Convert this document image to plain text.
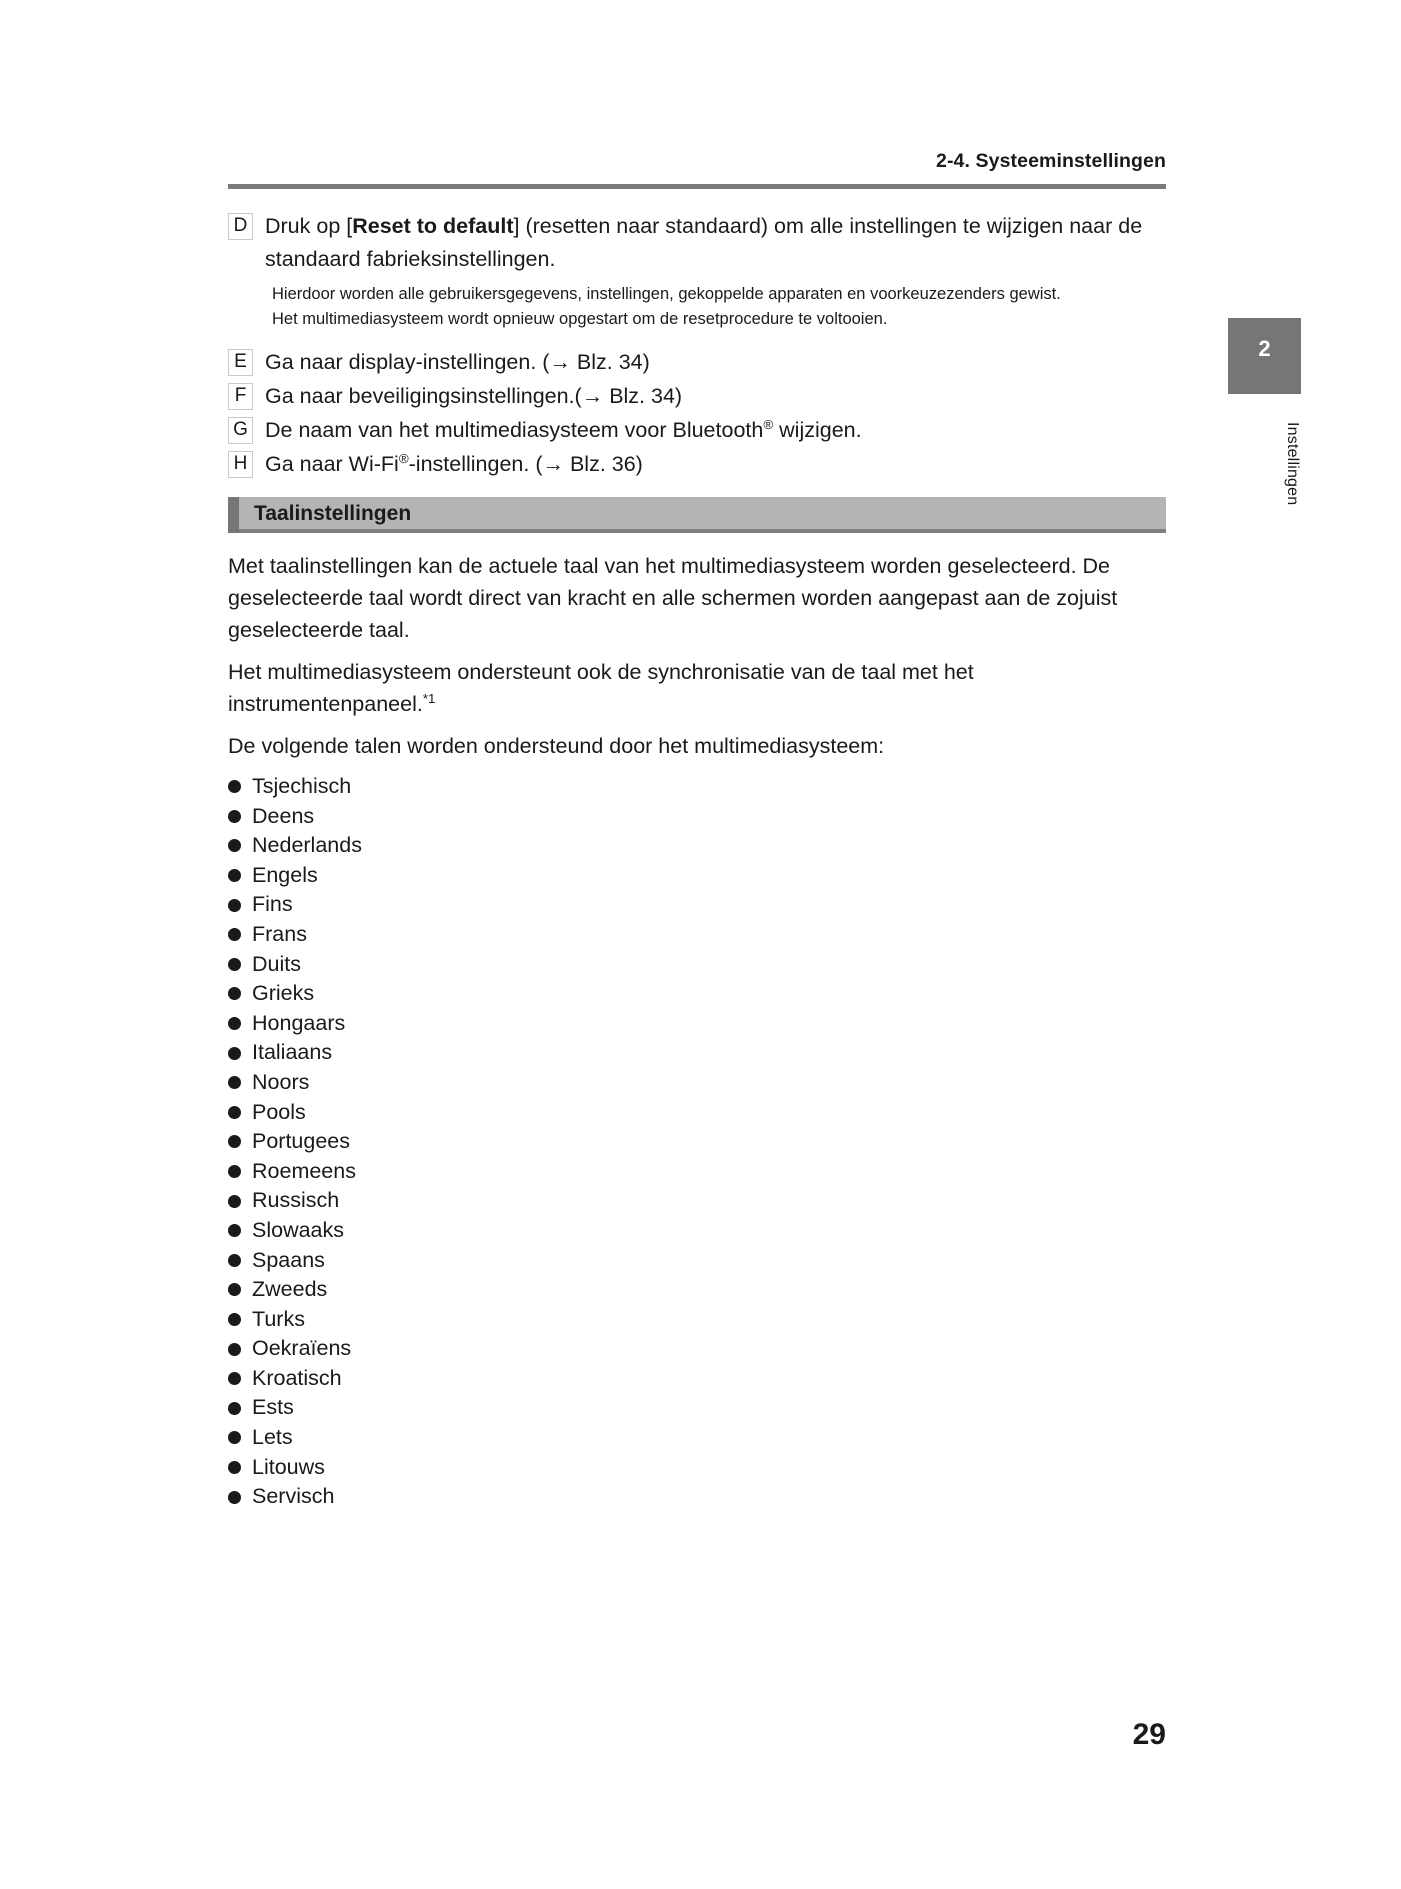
2-4. Systeeminstellingen
2
Instellingen
D Druk op [Reset to default] (resetten naar standaard) om alle instellingen te wijzigen naar de standaard fabrieksinstellingen.
Hierdoor worden alle gebruikersgegevens, instellingen, gekoppelde apparaten en voorkeuzezenders gewist. Het multimediasysteem wordt opnieuw opgestart om de resetprocedure te voltooien.
E Ga naar display-instellingen. (→ Blz. 34)
F Ga naar beveiligingsinstellingen.(→ Blz. 34)
G De naam van het multimediasysteem voor Bluetooth® wijzigen.
H Ga naar Wi-Fi®-instellingen. (→ Blz. 36)
Taalinstellingen

Met taalinstellingen kan de actuele taal van het multimediasysteem worden geselecteerd. De geselecteerde taal wordt direct van kracht en alle schermen worden aangepast aan de zojuist geselecteerde taal.

Het multimediasysteem ondersteunt ook de synchronisatie van de taal met het instrumentenpaneel.$^{*1}$

De volgende talen worden ondersteund door het multimediasysteem:

Tsjechisch
Deens
Nederlands
Engels
Fins
Frans
Duits
Grieks
Hongaars
Italiaans
Noors
Pools
Portugees
Roemeens
Russisch
Slowaaks
Spaans
Zweeds
Turks
Oekraïens
Kroatisch
Ests
Lets
Litouws
Servisch
29
